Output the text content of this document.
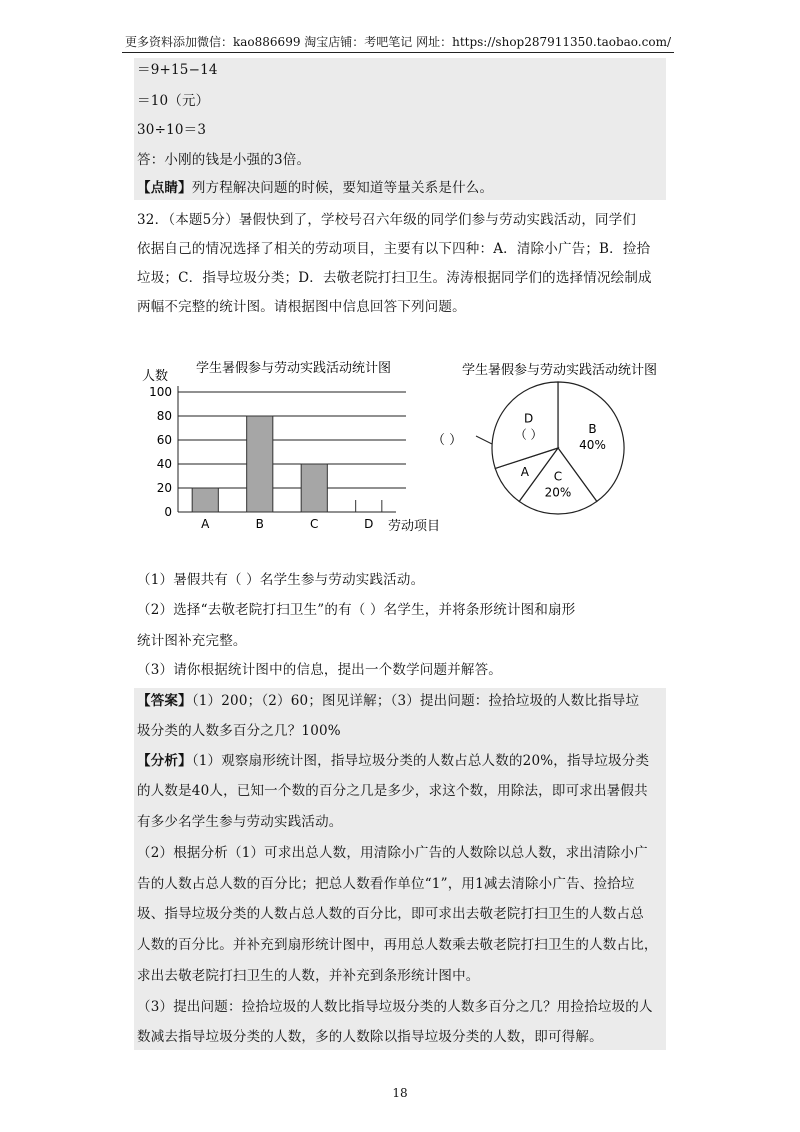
更多资料添加微信：kao886699 淘宝店铺：考吧笔记 网址：https://shop287911350.taobao.com/
＝9+15−14
＝10（元）
30÷10＝3
答：小刚的钱是小强的3倍。
【点睛】列方程解决问题的时候，要知道等量关系是什么。
32．（本题5分）暑假快到了，学校号召六年级的同学们参与劳动实践活动，同学们
依据自己的情况选择了相关的劳动项目，主要有以下四种：A．清除小广告；B．捡拾
垃圾；C．指导垃圾分类；D．去敬老院打扫卫生。涛涛根据同学们的选择情况绘制成
两幅不完整的统计图。请根据图中信息回答下列问题。
学生暑假参与劳动实践活动统计图
人数
劳动项目
0
20
40
60
80
100
A	B	C	D
学生暑假参与劳动实践活动统计图
（ ）
B
40%
C
20%
A
D
（ ）
（1）暑假共有（ ）名学生参与劳动实践活动。
（2）选择“去敬老院打扫卫生”的有（ ）名学生，并将条形统计图和扇形
统计图补充完整。
（3）请你根据统计图中的信息，提出一个数学问题并解答。
【答案】（1）200；（2）60；图见详解；（3）提出问题：捡拾垃圾的人数比指导垃
圾分类的人数多百分之几？100%
【分析】（1）观察扇形统计图，指导垃圾分类的人数占总人数的20%，指导垃圾分类
的人数是40人，已知一个数的百分之几是多少，求这个数，用除法，即可求出暑假共
有多少名学生参与劳动实践活动。
（2）根据分析（1）可求出总人数，用清除小广告的人数除以总人数，求出清除小广
告的人数占总人数的百分比；把总人数看作单位“1”，用1减去清除小广告、捡拾垃
圾、指导垃圾分类的人数占总人数的百分比，即可求出去敬老院打扫卫生的人数占总
人数的百分比。并补充到扇形统计图中，再用总人数乘去敬老院打扫卫生的人数占比，
求出去敬老院打扫卫生的人数，并补充到条形统计图中。
（3）提出问题：捡拾垃圾的人数比指导垃圾分类的人数多百分之几？用捡拾垃圾的人
数减去指导垃圾分类的人数，多的人数除以指导垃圾分类的人数，即可得解。
18
